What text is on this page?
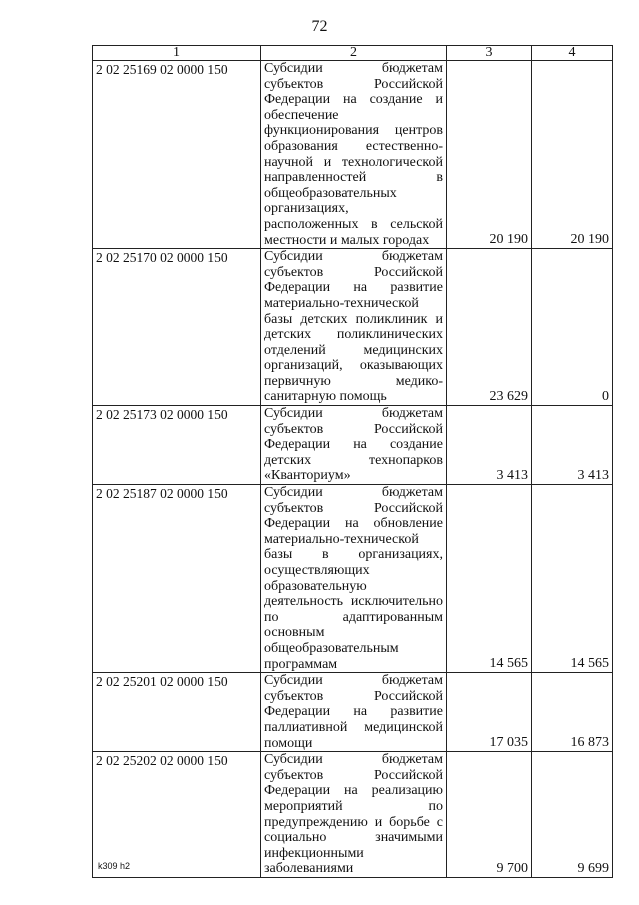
72
1	2	3	4
2 02 25169 02 0000 150	Субсидии бюджетам субъектов Российской Федерации на создание и обеспечение функционирования центров образования естественно-научной и технологической направленностей в общеобразовательных организациях, расположенных в сельской местности и малых городах	20 190	20 190
2 02 25170 02 0000 150	Субсидии бюджетам субъектов Российской Федерации на развитие материально-технической базы детских поликлиник и детских поликлинических отделений медицинских организаций, оказывающих первичную медико-санитарную помощь	23 629	0
2 02 25173 02 0000 150	Субсидии бюджетам субъектов Российской Федерации на создание детских технопарков «Кванториум»	3 413	3 413
2 02 25187 02 0000 150	Субсидии бюджетам субъектов Российской Федерации на обновление материально-технической базы в организациях, осуществляющих образовательную деятельность исключительно по адаптированным основным общеобразовательным программам	14 565	14 565
2 02 25201 02 0000 150	Субсидии бюджетам субъектов Российской Федерации на развитие паллиативной медицинской помощи	17 035	16 873
2 02 25202 02 0000 150	Субсидии бюджетам субъектов Российской Федерации на реализацию мероприятий по предупреждению и борьбе с социально значимыми инфекционными заболеваниями	9 700	9 699
k309 h2
